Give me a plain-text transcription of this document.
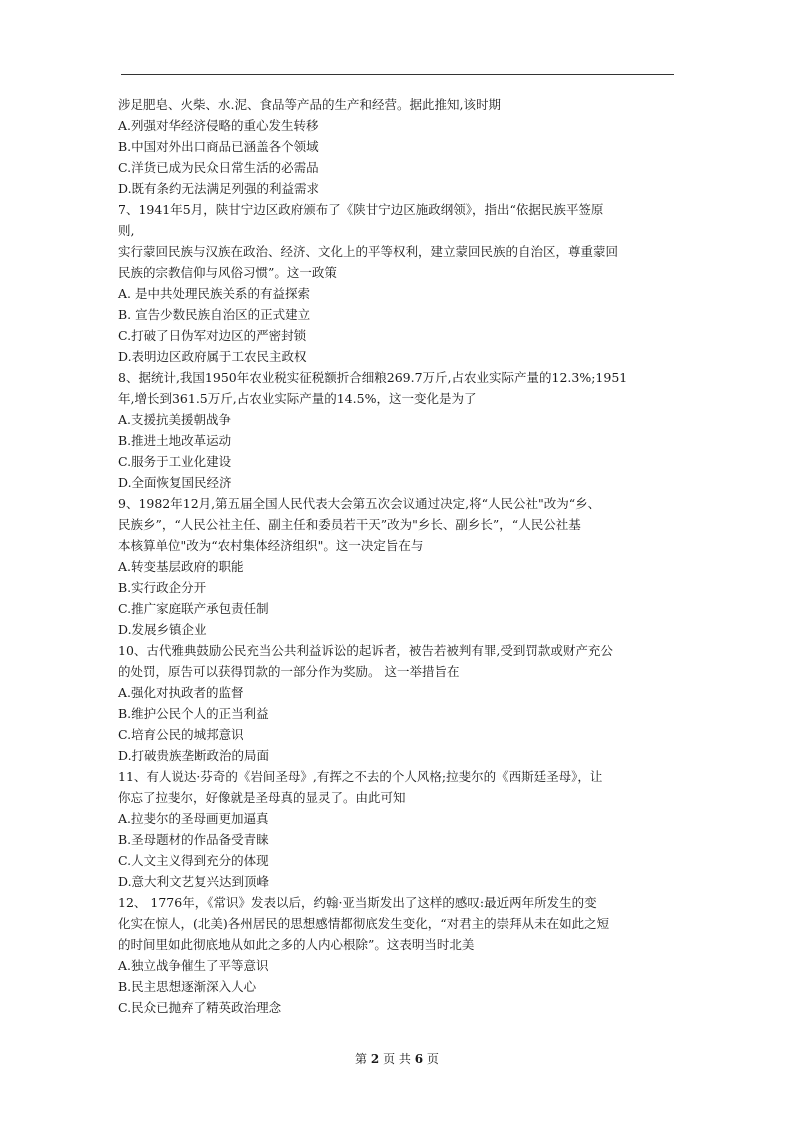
涉足肥皂、火柴、水.泥、食品等产品的生产和经营。据此推知,该时期
A.列强对华经济侵略的重心发生转移
B.中国对外出口商品已涵盖各个领域
C.洋货已成为民众日常生活的必需品
D.既有条约无法满足列强的利益需求
7、1941年5月，陕甘宁边区政府颁布了《陕甘宁边区施政纲领》，指出“依据民族平签原
则,
实行蒙回民族与汉族在政治、经济、文化上的平等权利，建立蒙回民族的自治区，尊重蒙回
民族的宗教信仰与风俗习惯”。这一政策
A. 是中共处理民族关系的有益探索
B. 宣告少数民族自治区的正式建立
C.打破了日伪军对边区的严密封锁
D.表明边区政府属于工农民主政权
8、据统计,我国1950年农业税实征税额折合细粮269.7万斤,占农业实际产量的12.3%;1951
年,增长到361.5万斤,占农业实际产量的14.5%，这一变化是为了
A.支援抗美援朝战争
B.推进土地改革运动
C.服务于工业化建设
D.全面恢复国民经济
9、1982年12月,第五届全国人民代表大会第五次会议通过决定,将“人民公社"改为“乡、
民族乡”，“人民公社主任、副主任和委员若干天”改为"乡长、副乡长”，“人民公社基
本核算单位"改为“农村集体经济组织"。这一决定旨在与
A.转变基层政府的职能
B.实行政企分开
C.推广家庭联产承包责任制
D.发展乡镇企业
10、古代雅典鼓励公民充当公共利益诉讼的起诉者，被告若被判有罪,受到罚款或财产充公
的处罚，原告可以获得罚款的一部分作为奖励。 这一举措旨在
A.强化对执政者的监督
B.维护公民个人的正当利益
C.培育公民的城邦意识
D.打破贵族垄断政治的局面
11、有人说达·芬奇的《岩间圣母》,有挥之不去的个人风格;拉斐尔的《西斯廷圣母》，让
你忘了拉斐尔，好像就是圣母真的显灵了。由此可知
A.拉斐尔的圣母画更加逼真
B.圣母题材的作品备受青睐
C.人文主义得到充分的体现
D.意大利文艺复兴达到顶峰
12、 1776年，《常识》发表以后，约翰·亚当斯发出了这样的感叹:最近两年所发生的变
化实在惊人，(北美)各州居民的思想感情都彻底发生变化，“对君主的崇拜从未在如此之短
的时间里如此彻底地从如此之多的人内心根除”。这表明当时北美
A.独立战争催生了平等意识
B.民主思想逐渐深入人心
C.民众已抛弃了精英政治理念
第 2 页 共 6 页
